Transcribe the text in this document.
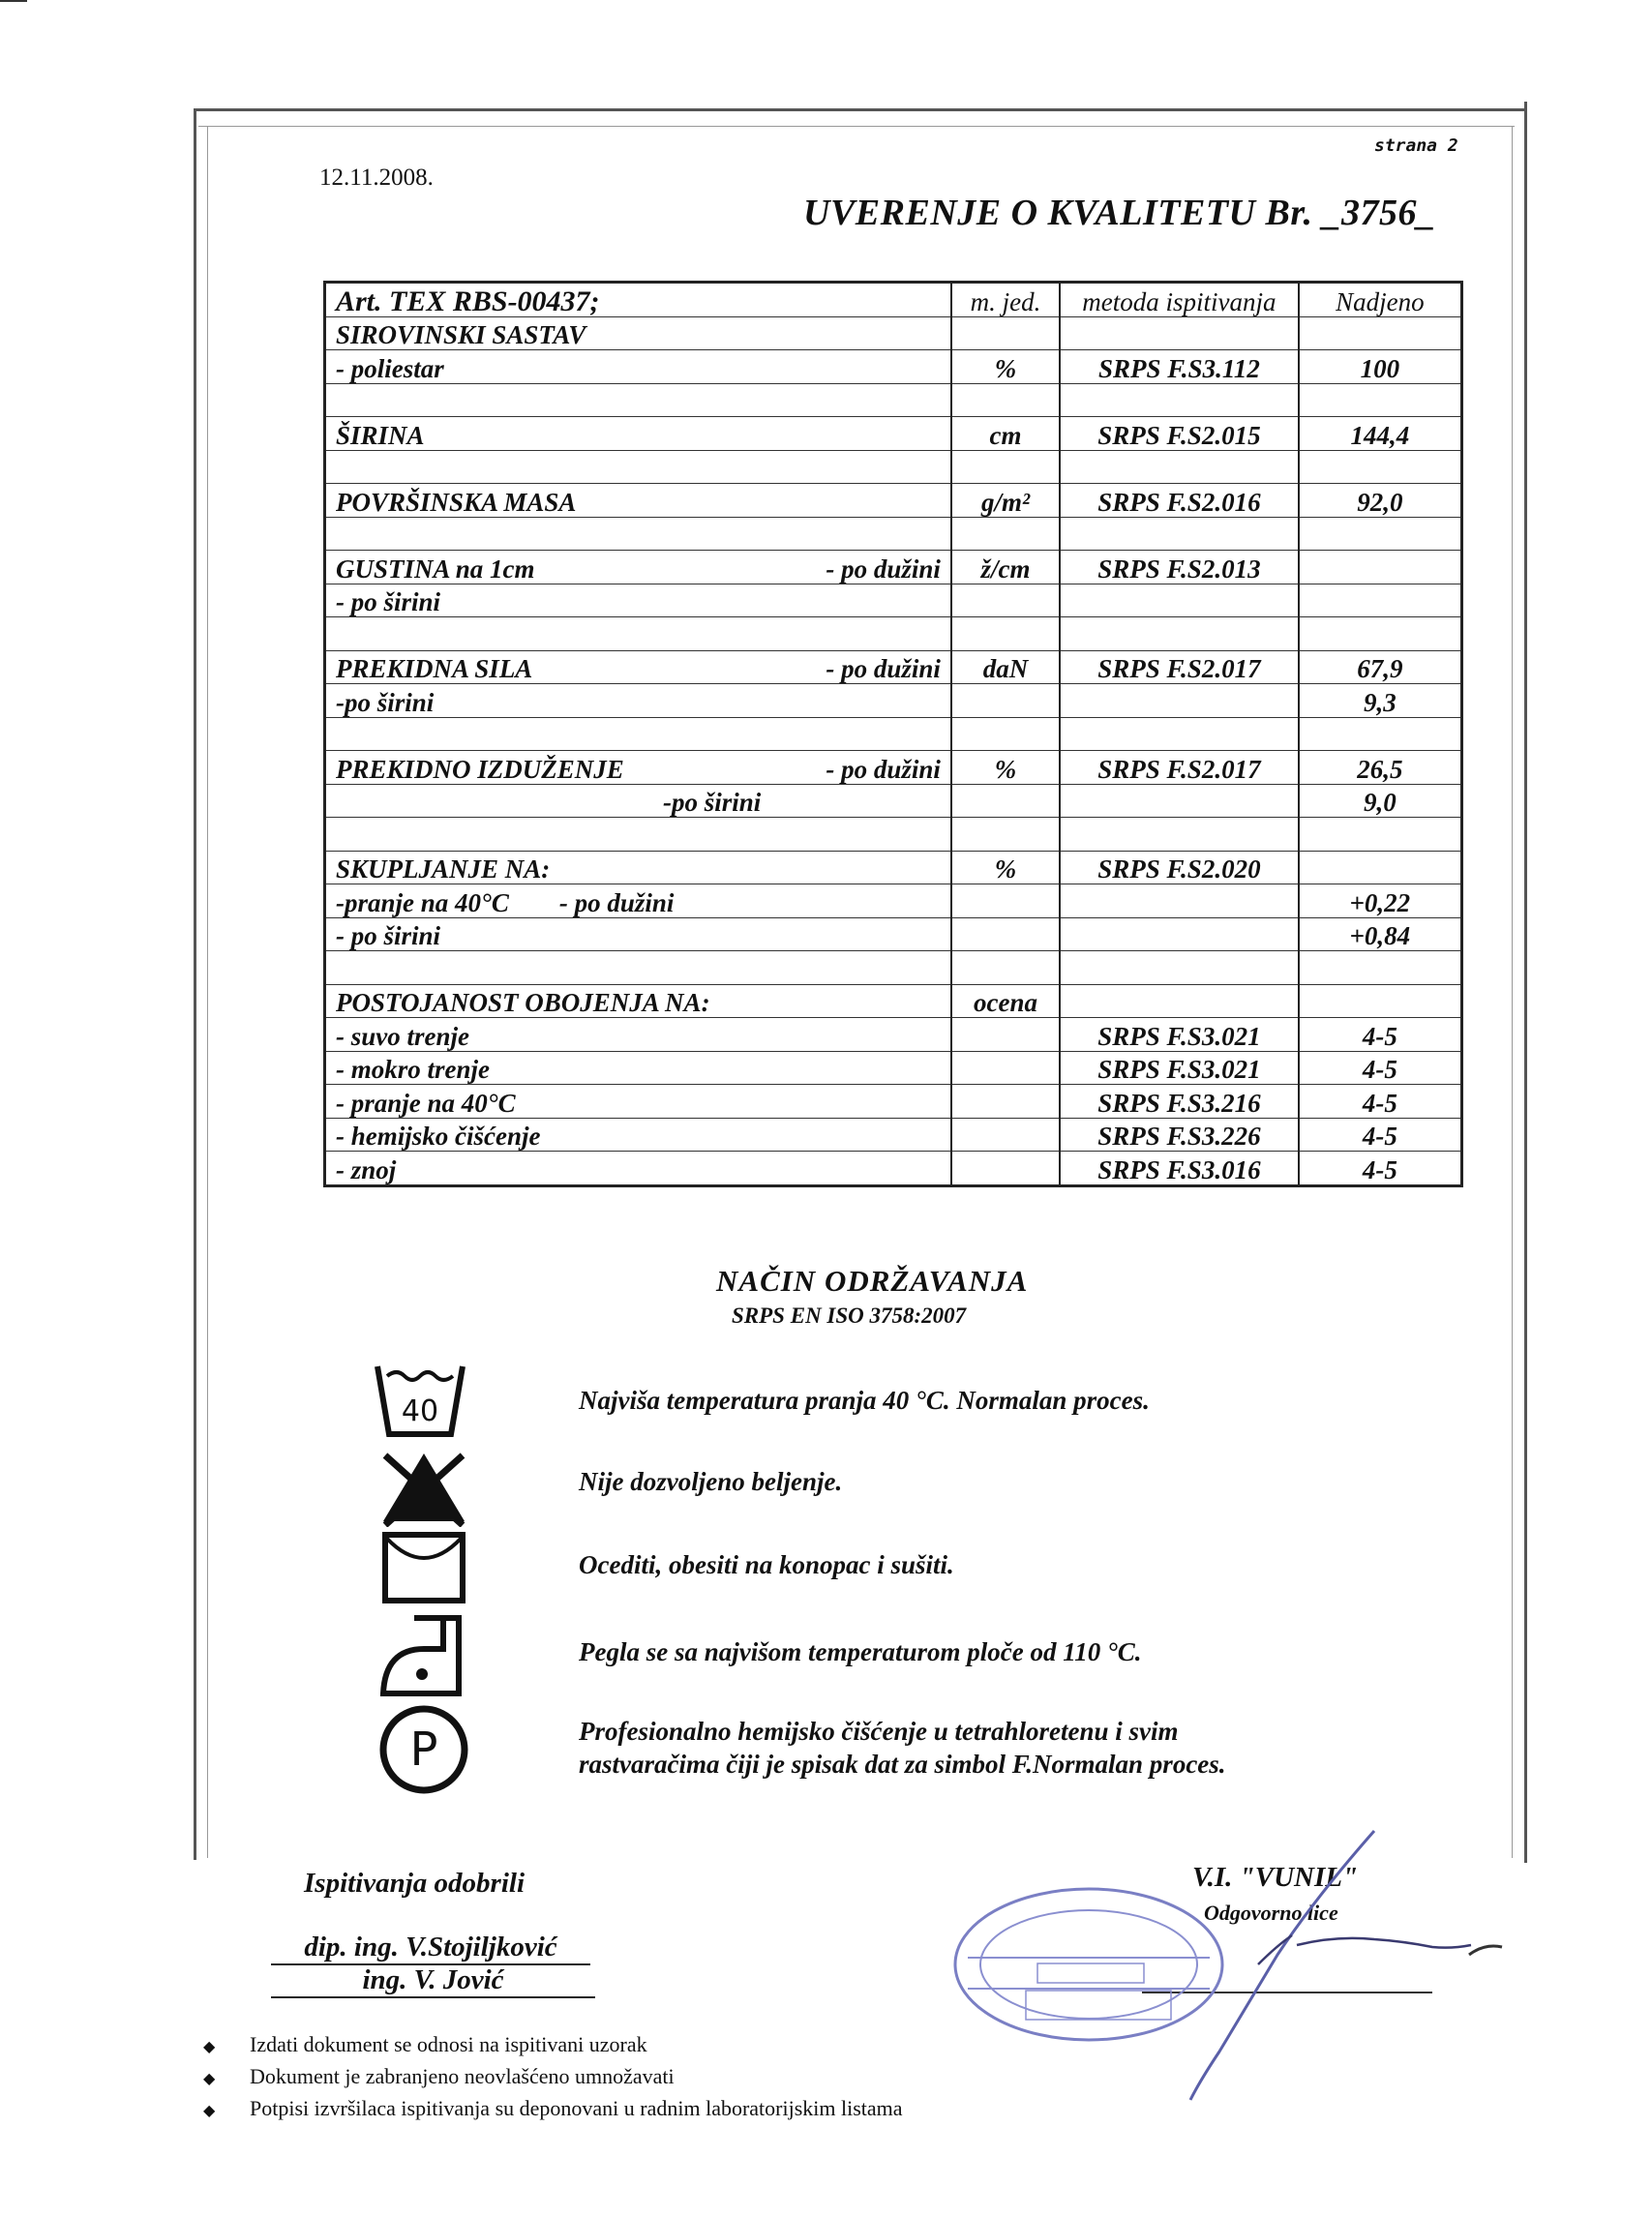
12.11.2008.
strana 2
UVERENJE O KVALITETU Br. _3756_
Art. TEX RBS-00437;	m. jed.	metoda ispitivanja	Nadjeno
SIROVINSKI SASTAV			
- poliestar	%	SRPS F.S3.112	100

ŠIRINA	cm	SRPS F.S2.015	144,4

POVRŠINSKA MASA	g/m²	SRPS F.S2.016	92,0

GUSTINA na 1cm - po dužini	ž/cm	SRPS F.S2.013	
- po širini			

PREKIDNA SILA - po dužini	daN	SRPS F.S2.017	67,9
-po širini			9,3

PREKIDNO IZDUŽENJE - po dužini	%	SRPS F.S2.017	26,5
-po širini			9,0

SKUPLJANJE NA:	%	SRPS F.S2.020	
-pranje na 40°C - po dužini			+0,22
- po širini			+0,84

POSTOJANOST OBOJENJA NA:	ocena		
- suvo trenje		SRPS F.S3.021	4-5
- mokro trenje		SRPS F.S3.021	4-5
- pranje na 40°C		SRPS F.S3.216	4-5
- hemijsko čišćenje		SRPS F.S3.226	4-5
- znoj		SRPS F.S3.016	4-5
NAČIN ODRŽAVANJA
SRPS EN ISO 3758:2007
40	Najviša temperatura pranja 40 °C. Normalan proces.
Nije dozvoljeno beljenje.
Ocediti, obesiti na konopac i sušiti.
Pegla se sa najvišom temperaturom ploče od 110 °C.
P	Profesionalno hemijsko čišćenje u tetrahloretenu i svim
rastvaračima čiji je spisak dat za simbol F.Normalan proces.
Ispitivanja odobrili
dip. ing. V.Stojiljković
ing. V. Jović
V.I. "VUNIL"
Odgovorno lice
◆ Izdati dokument se odnosi na ispitivani uzorak
◆ Dokument je zabranjeno neovlašćeno umnožavati
◆ Potpisi izvršilaca ispitivanja su deponovani u radnim laboratorijskim listama
